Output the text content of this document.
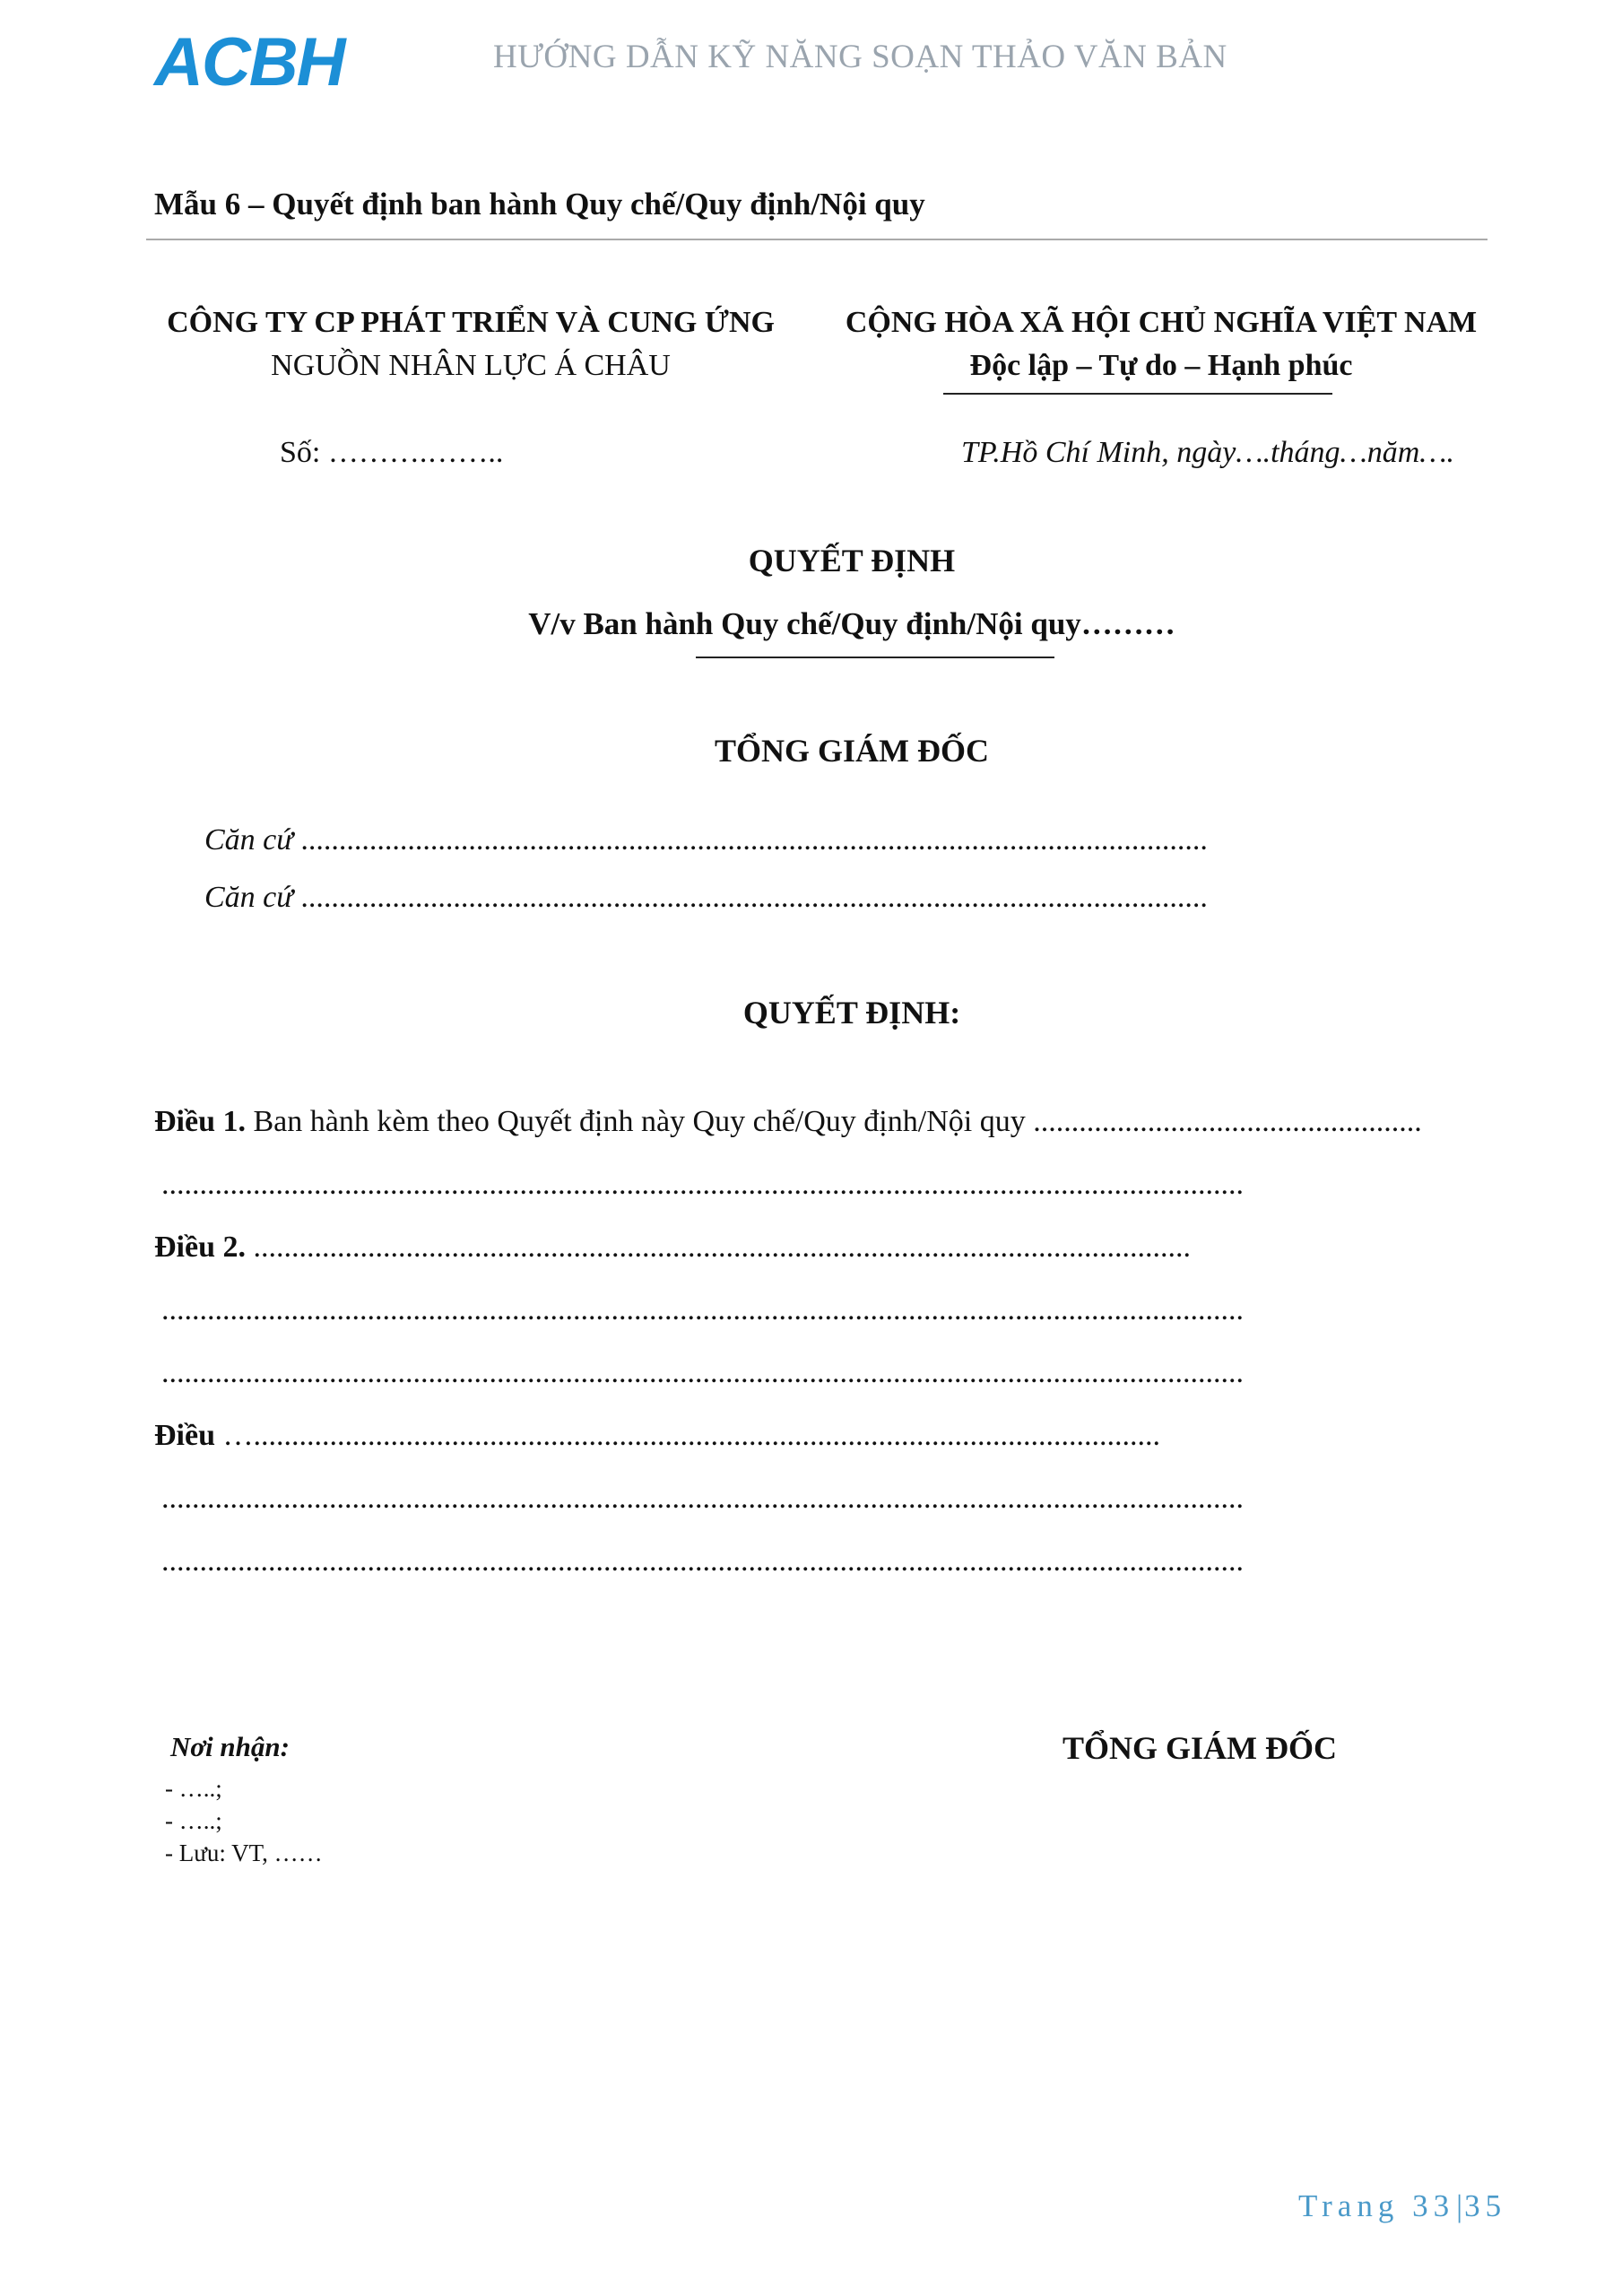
ACBH	HƯỚNG DẪN KỸ NĂNG SOẠN THẢO VĂN BẢN
Mẫu 6 – Quyết định ban hành Quy chế/Quy định/Nội quy
CÔNG TY CP PHÁT TRIỂN VÀ CUNG ỨNG
NGUỒN NHÂN LỰC Á CHÂU
CỘNG HÒA XÃ HỘI CHỦ NGHĨA VIỆT NAM
Độc lập – Tự do – Hạnh phúc
Số: ……….……..	TP.Hồ Chí Minh, ngày….tháng…năm….
QUYẾT ĐỊNH
V/v Ban hành Quy chế/Quy định/Nội quy………
TỔNG GIÁM ĐỐC
Căn cứ .......................................................................................................................
Căn cứ .......................................................................................................................
QUYẾT ĐỊNH:
Điều 1. Ban hành kèm theo Quyết định này Quy chế/Quy định/Nội quy ...................................................
..............................................................................................................................................
Điều 2. ...........................................................................................................................
..............................................................................................................................................
..............................................................................................................................................
Điều ….......................................................................................................................
..............................................................................................................................................
..............................................................................................................................................
Nơi nhận:
- …..;
- …..;
- Lưu: VT, ……
TỔNG GIÁM ĐỐC
Trang 33|35
